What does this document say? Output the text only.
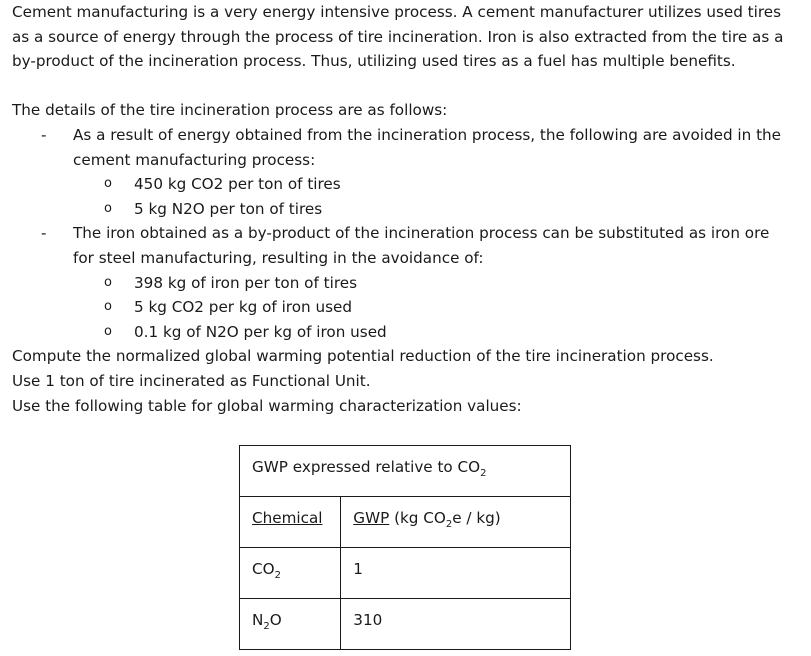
Cement manufacturing is a very energy intensive process. A cement manufacturer utilizes used tires as a source of energy through the process of tire incineration. Iron is also extracted from the tire as a by-product of the incineration process. Thus, utilizing used tires as a fuel has multiple benefits.

The details of the tire incineration process are as follows:

- As a result of energy obtained from the incineration process, the following are avoided in the cement manufacturing process:
o 450 kg CO2 per ton of tires
o 5 kg N2O per ton of tires
- The iron obtained as a by-product of the incineration process can be substituted as iron ore for steel manufacturing, resulting in the avoidance of:
o 398 kg of iron per ton of tires
o 5 kg CO2 per kg of iron used
o 0.1 kg of N2O per kg of iron used

Compute the normalized global warming potential reduction of the tire incineration process.

Use 1 ton of tire incinerated as Functional Unit.

Use the following table for global warming characterization values:

GWP expressed relative to $CO_2$
Chemical	GWP (kg $CO_2e / kg$)
$CO_2$	1
$N_2O$	310
